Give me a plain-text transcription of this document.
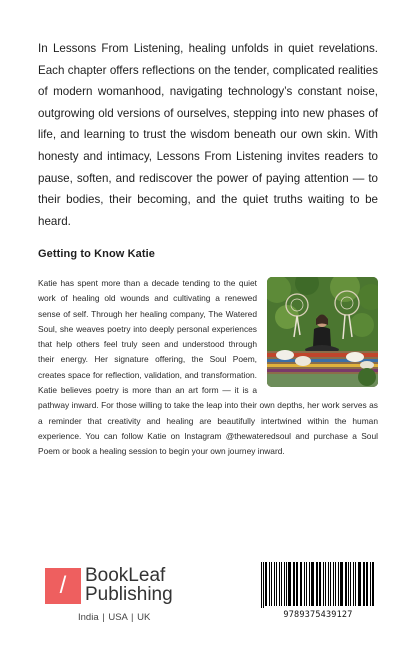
In Lessons From Listening, healing unfolds in quiet revelations. Each chapter offers reflections on the tender, complicated realities of modern womanhood, navigating technology’s constant noise, outgrowing old versions of ourselves, stepping into new phases of life, and learning to trust the wisdom beneath our own skin. With honesty and intimacy, Lessons From Listening invites readers to pause, soften, and rediscover the power of paying attention — to their bodies, their becoming, and the quiet truths waiting to be heard.
Getting to Know Katie
Katie has spent more than a decade tending to the quiet work of healing old wounds and cultivating a renewed sense of self. Through her healing company, The Watered Soul, she weaves poetry into deeply personal experiences that help others feel truly seen and understood through their energy. Her signature offering, the Soul Poem, creates space for reflection, validation, and transformation. Katie believes poetry is more than an art form — it is a pathway inward. For those willing to take the leap into their own depths, her work serves as a reminder that creativity and healing are beautifully intertwined within the human experience. You can follow Katie on Instagram @thewateredsoul and purchase a Soul Poem or book a healing session to begin your own journey inward.
/ BookLeaf
Publishing
India | USA | UK	9789375439127
